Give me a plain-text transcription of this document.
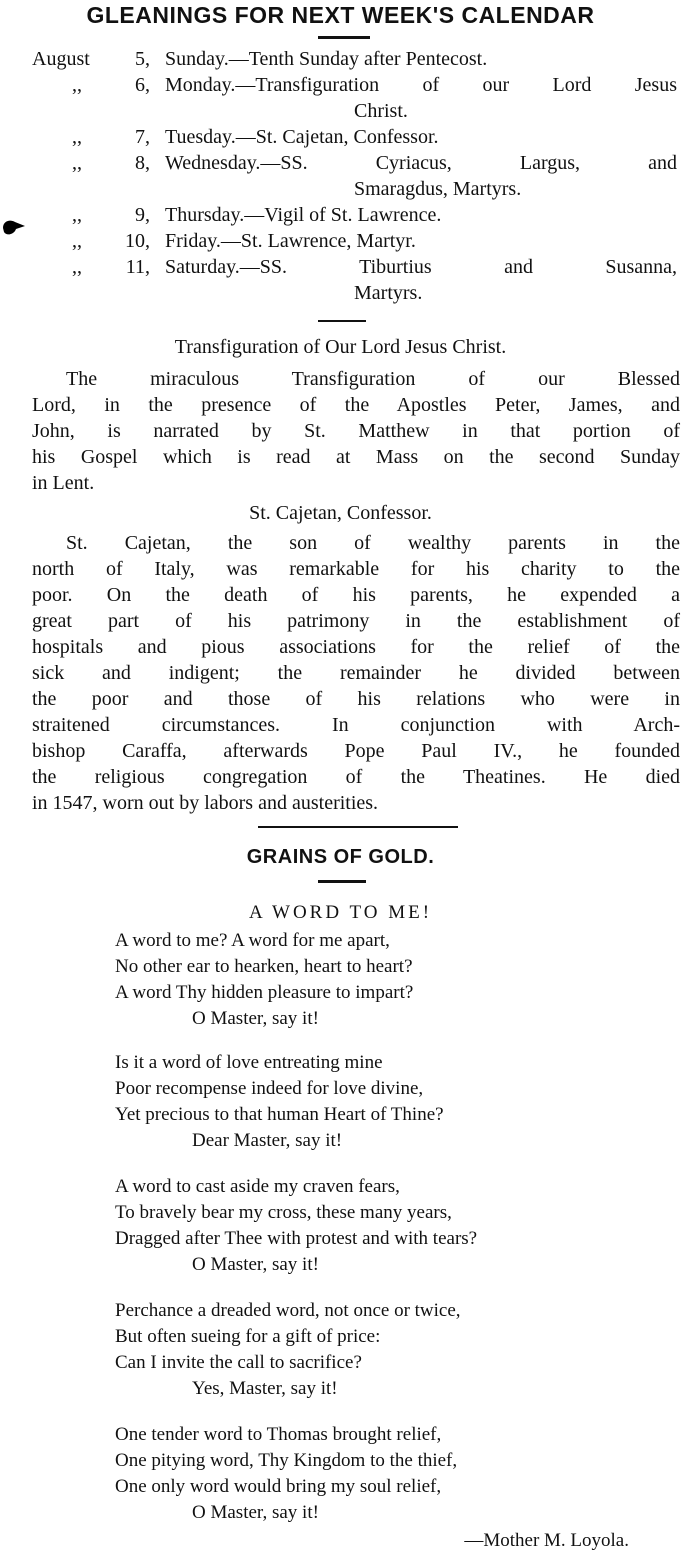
GLEANINGS FOR NEXT WEEK'S CALENDAR
August	5, Sunday.—Tenth Sunday after Pentecost.
,,	6, Monday.—Transfiguration of our Lord Jesus
Christ.
,,	7, Tuesday.—St. Cajetan, Confessor.
,,	8, Wednesday.—SS. Cyriacus, Largus, and
Smaragdus, Martyrs.
,,	9, Thursday.—Vigil of St. Lawrence.
,,	10, Friday.—St. Lawrence, Martyr.
,,	11, Saturday.—SS. Tiburtius and Susanna,
Martyrs.
Transfiguration of Our Lord Jesus Christ.
The miraculous Transfiguration of our Blessed
Lord, in the presence of the Apostles Peter, James, and
John, is narrated by St. Matthew in that portion of
his Gospel which is read at Mass on the second Sunday
in Lent.
St. Cajetan, Confessor.
St. Cajetan, the son of wealthy parents in the
north of Italy, was remarkable for his charity to the
poor. On the death of his parents, he expended a
great part of his patrimony in the establishment of
hospitals and pious associations for the relief of the
sick and indigent; the remainder he divided between
the poor and those of his relations who were in
straitened circumstances. In conjunction with Arch-
bishop Caraffa, afterwards Pope Paul IV., he founded
the religious congregation of the Theatines. He died
in 1547, worn out by labors and austerities.
GRAINS OF GOLD.
A WORD TO ME!
A word to me? A word for me apart,
No other ear to hearken, heart to heart?
A word Thy hidden pleasure to impart?
O Master, say it!
Is it a word of love entreating mine
Poor recompense indeed for love divine,
Yet precious to that human Heart of Thine?
Dear Master, say it!
A word to cast aside my craven fears,
To bravely bear my cross, these many years,
Dragged after Thee with protest and with tears?
O Master, say it!
Perchance a dreaded word, not once or twice,
But often sueing for a gift of price:
Can I invite the call to sacrifice?
Yes, Master, say it!
One tender word to Thomas brought relief,
One pitying word, Thy Kingdom to the thief,
One only word would bring my soul relief,
O Master, say it!
—Mother M. Loyola.
